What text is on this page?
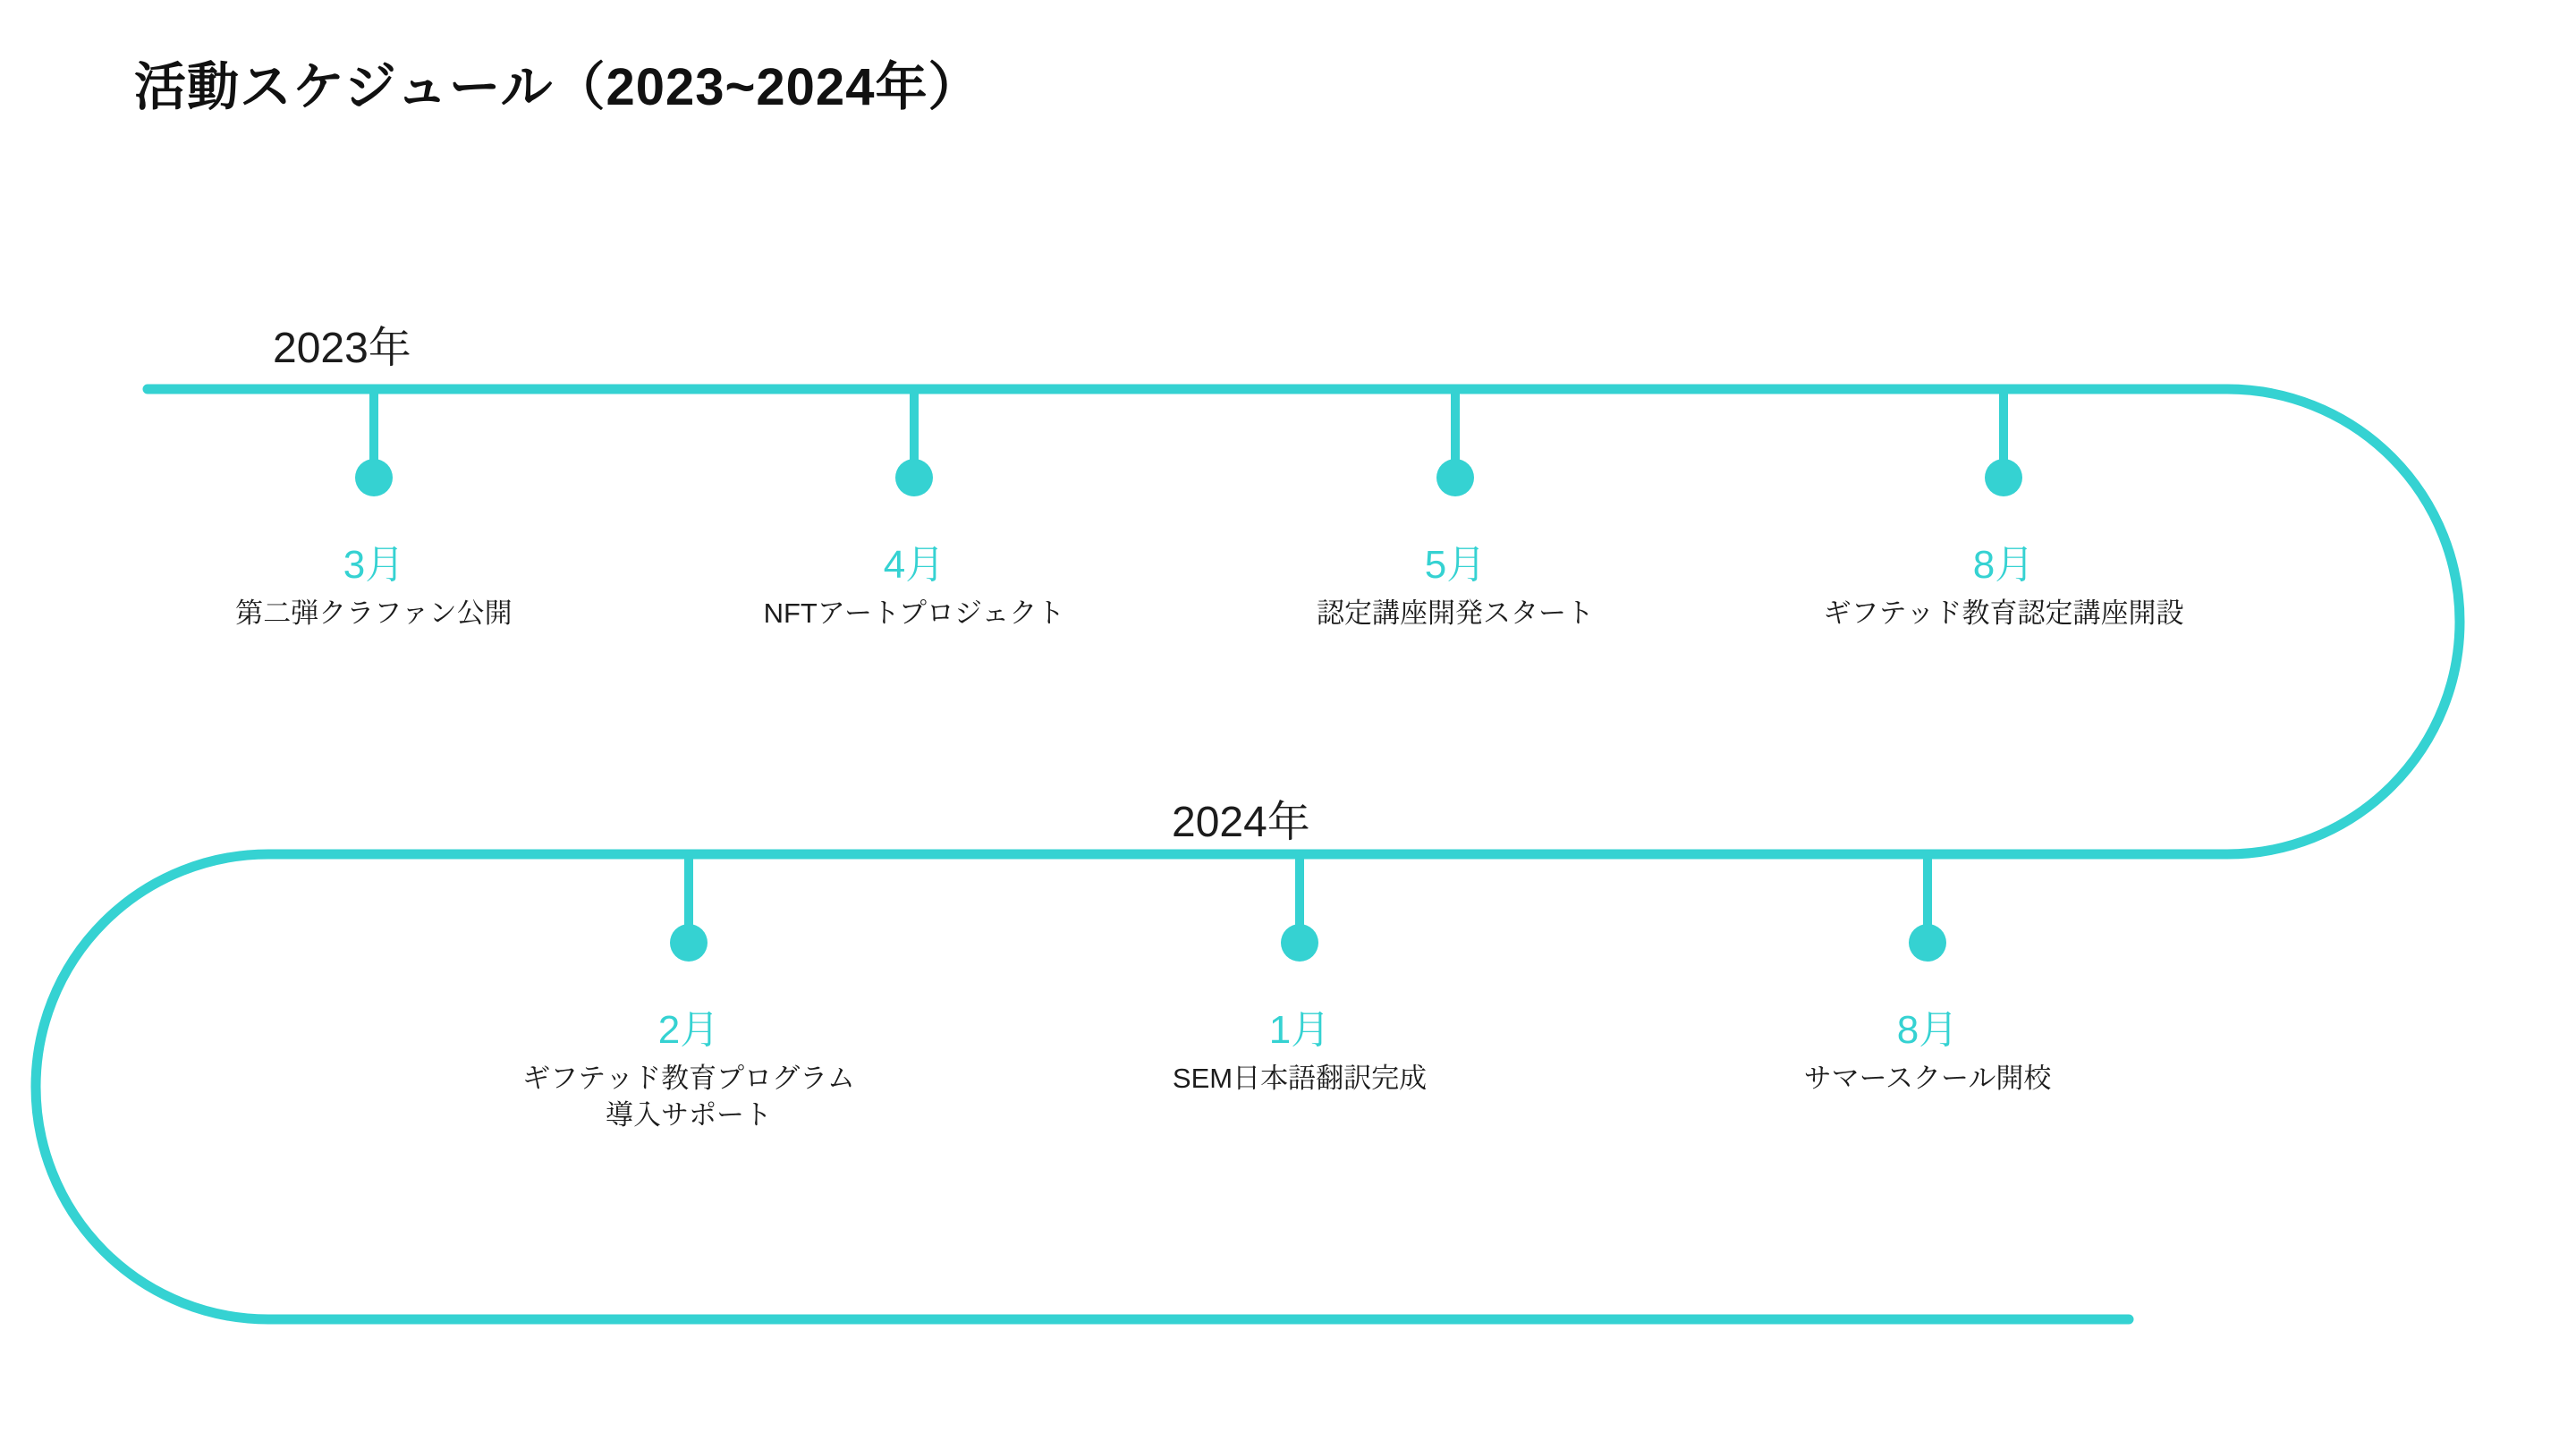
活動スケジュール（2023~2024年）
2023年
3月
第二弾クラファン公開
4月
NFTアートプロジェクト
5月
認定講座開発スタート
8月
ギフテッド教育認定講座開設
2024年
2月
ギフテッド教育プログラム
導入サポート
1月
SEM日本語翻訳完成
8月
サマースクール開校
